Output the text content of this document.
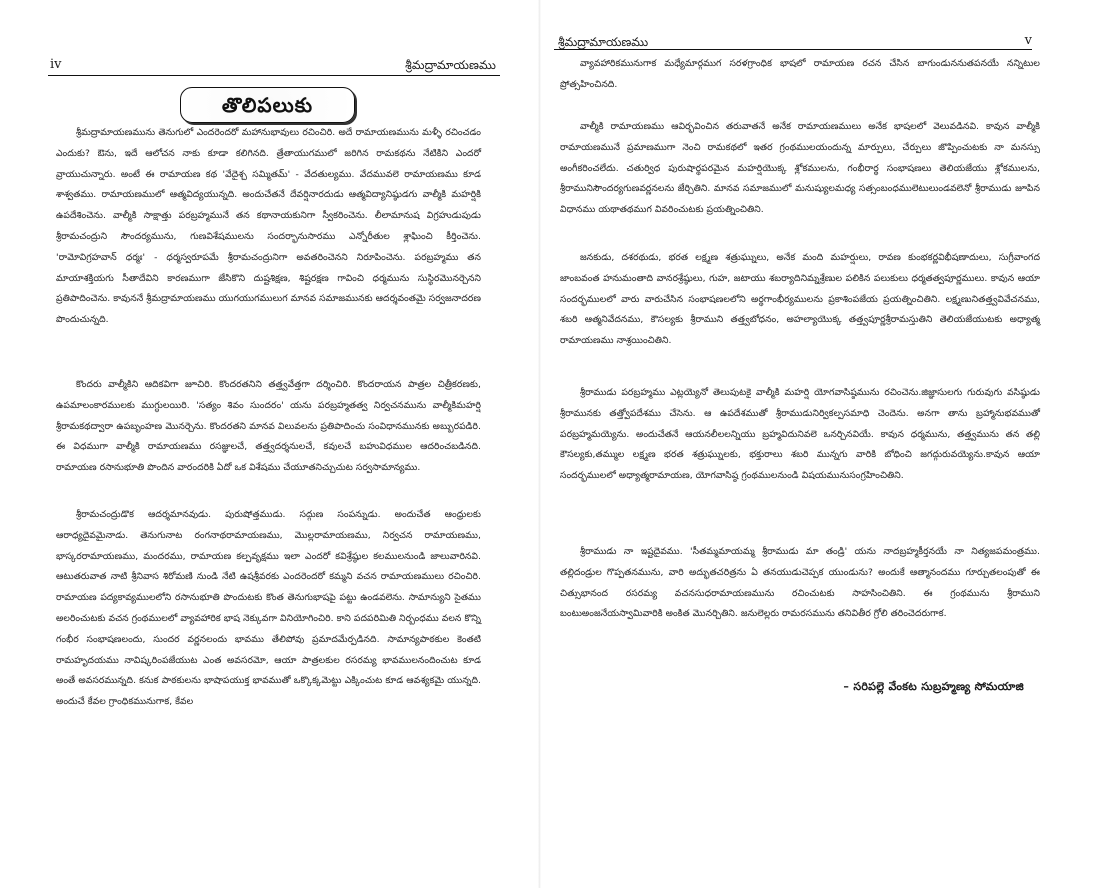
iv	శ్రీమద్రామాయణము
తొలిపలుకు

శ్రీమద్రామాయణమును తెనుగులో ఎందరెందరో మహానుభావులు రచించిరి. అదే రామాయణమును మళ్ళీ రచించడం ఎందుకు? ఔను, ఇదే ఆలోచన నాకు కూడా కలిగినది. త్రేతాయుగములో జరిగిన రామకథను నేటికిని ఎందరో వ్రాయుచున్నారు. అంటే ఈ రామాయణ కథ 'వేదైశ్చ సమ్మితమ్' - వేదతుల్యము. వేదమువలె రామాయణము కూడ శాశ్వతము. రామాయణములో ఆత్మవిద్యయున్నది. అందుచేతనే దేవర్షినారదుడు ఆత్మవిద్యానిష్ఠుడగు వాల్మీకి మహర్షికి ఉపదేశించెను. వాల్మీకి సాక్షాత్తు పరబ్రహ్మమునే తన కథానాయకునిగా స్వీకరించెను. లీలామానుష విగ్రహుడుపుడు శ్రీరామచంద్రుని సౌందర్యమును, గుణవిశేషములను సందర్భానుసారము ఎన్నోరీతుల శ్లాఘించి కీర్తించెను. 'రామోవిగ్రహవాన్ ధర్మః' - ధర్మస్వరూపమే శ్రీరామచంద్రునిగా అవతరించెనని నిరూపించెను. పరబ్రహ్మము తన మాయాశక్తియగు సీతాదేవిని కారణముగా జేసికొని దుష్టశిక్షణ, శిష్టరక్షణ గావించి ధర్మమును సుస్థిరమొనర్చెనని ప్రతిపాదించెను. కావుననే శ్రీమద్రామాయణము యుగయుగములుగ మానవ సమాజమునకు ఆదర్శవంతమై సర్వజనాదరణ పొందుచున్నది.

కొందరు వాల్మీకిని ఆదికవిగా జూచిరి. కొందరతనిని తత్త్వవేత్తగా దర్శించిరి. కొందరాయన పాత్రల చిత్రీకరణకు, ఉపమాలంకారములకు ముగ్ధులయిరి. 'సత్యం శివం సుందరం' యను పరబ్రహ్మతత్వ నిర్వచనమును వాల్మీకిమహర్షి శ్రీరామకథద్వారా ఉపబృంహణ మొనర్చెను. కొందరతని మానవ విలువలను ప్రతిపాదించు సంవిధానమునకు అబ్బురపడిరి. ఈ విధముగా వాల్మీకి రామాయణము రసజ్ఞులచే, తత్త్వదర్శనులచే, కవులచే బహువిధముల ఆదరించబడినది. రామాయణ రసానుభూతి పొందిన వారందరికి ఏదో ఒక విశేషము చేయూతనిచ్చుచుట సర్వసామాన్యము.

శ్రీరామచంద్రుడొక ఆదర్శమానవుడు. పురుషోత్తముడు. సద్గుణ సంపన్నుడు. అందుచేత ఆంధ్రులకు ఆరాధ్యదైవమైనాడు. తెనుగునాట రంగనాథరామాయణము, మొల్లరామాయణము, నిర్వచన రామాయణము, భాస్కరరామాయణము, మందరము, రామాయణ కల్పవృక్షము ఇలా ఎందరో కవిశ్రేష్ఠుల కలములనుండి జాలువారినవి. ఆటుతరువాత నాటి శ్రీనివాస శిరోమణి నుండి నేటి ఉషశ్రీవరకు ఎందరెందరో కమ్మని వచన రామాయణములు రచించిరి. రామాయణ పద్యకావ్యములలోని రసానుభూతి పొందుటకు కొంత తెనుగుభాషపై పట్టు ఉండవలెను. సామాన్యుని సైతము అలరించుటకు వచన గ్రంథములలో వ్యావహారిక భాష నెక్కువగా వినియోగించిరి. కాని పదపరిమితి నిర్బంధము వలన కొన్ని గంభీర సంభాషణలందు, సుందర వర్ణనలందు భావము తేలిపోవు ప్రమాదమేర్పడినది. సామాన్యపాఠకుల కెంతటి రామహృదయము నావిష్కరింపజేయుట ఎంత అవసరమో, ఆయా పాత్రలకుల రసరమ్య భావములనందించుట కూడ అంతే అవసరమున్నది. కనుక పాఠకులను భాషాపయుక్త భావముతో ఒక్కొక్కమెట్టు ఎక్కించుట కూడ ఆవశ్యకమై యున్నది. అందుచే కేవల గ్రాంధికమునుగాక, కేవల

శ్రీమద్రామాయణము	v

వ్యావహారికమునుగాక మధ్యేమార్గముగ సరళగ్రాంధిక భాషలో రామాయణ రచన చేసిన బాగుండుననుతపనయే నన్నిటుల ప్రోత్సహించినది.

వాల్మీకి రామాయణము ఆవిర్భవించిన తరువాతనే అనేక రామాయణములు అనేక భాషలలో వెలువడినవి. కావున వాల్మీకి రామాయణమునే ప్రమాణముగా నెంచి రామకథలో ఇతర గ్రంథములయందున్న మార్పులు, చేర్పులు జొప్పించుటకు నా మనస్సు అంగీకరించలేదు. చతుర్విధ పురుషార్థపరమైన మహర్షియొక్క శ్లోకములను, గంభీరార్థ సంభాషణలు తెలియజేయు శ్లోకములను, శ్రీరామునిసౌందర్యగుణవర్ణనలను జేర్చితిని. మానవ సమాజములో మనుష్యులమధ్య సత్సంబంధములెటులుండవలెనో శ్రీరాముడు జూపిన విధానము యథాతథముగ వివరించుటకు ప్రయత్నించితిని.

జనకుడు, దశరథుడు, భరత లక్ష్మణ శత్రుఘ్నులు, అనేక మంది మహర్షులు, రావణ కుంభకర్ణవిభీషణాదులు, సుగ్రీవాంగద జాంబవంత హనుమంతాది వానరశ్రేష్ఠులు, గుహ, జటాయు శబర్యాదినిమ్నశ్రేణుల పలికిన పలుకులు ధర్మతత్వపూర్ణములు. కావున ఆయా సందర్భములలో వారు వారుచేసిన సంభాషణలలోని అర్థగాంభీర్యములను ప్రకాశింపజేయ ప్రయత్నించితిని. లక్ష్మణునితత్త్వవివేచనము, శబరి ఆత్మనివేదనము, కౌసల్యకు శ్రీరాముని తత్త్వబోధనం, అహల్యాయొక్క తత్త్వపూర్ణశ్రీరామస్తుతిని తెలియజేయుటకు అధ్యాత్మ రామాయణము నాశ్రయించితిని.

శ్రీరాముడు పరబ్రహ్మము ఎట్లయ్యెనో తెలుపుటకై వాల్మీకి మహర్షి యోగవాసిష్ఠమును రచించెను.జిజ్ఞాసులగు గురువుగు వసిష్ఠుడు శ్రీరామునకు తత్త్వోపదేశము చేసెను. ఆ ఉపదేశముతో శ్రీరాముడునిర్వికల్పసమాధి చెందెను. అనగా తాను బ్రహ్మానుభవముతో పరబ్రహ్మమయ్యెను. అందుచేతనే ఆయనలీలలన్నియు బ్రహ్మవిదునివలె ఒనర్చినవియే. కావున ధర్మమును, తత్త్వమును తన తల్లి కౌసల్యకు,తమ్ముల లక్ష్మణ భరత శత్రుఘ్నులకు, భక్తురాలు శబరి మున్నగు వారికి బోధించి జగద్గురువయ్యెను.కావున ఆయా సందర్భములలో అధ్యాత్మరామాయణ, యోగవాసిష్ఠ గ్రంథములనుండి విషయమునుసంగ్రహించితిని.

శ్రీరాముడు నా ఇష్టదైవము. 'సీతమ్మమాయమ్మ శ్రీరాముడు మా తండ్రి' యను నాదబ్రహ్మకీర్తనయే నా నిత్యజపమంత్రము. తల్లిదండ్రుల గొప్పతనమును, వారి అద్భుతచరిత్రను ఏ తనయుడుచెప్పక యుండును? అందుకే ఆత్మానందము గూర్చుతలంపుతో ఈ చిత్సుభానంద రసరమ్య వచనసుధరామాయణమును రచించుటకు సాహసించితిని. ఈ గ్రంథమును శ్రీరాముని బంటుఅంజనేయస్వామివారికి అంకిత మొనర్చితిని. జనులెల్లరు రామరసమును తనివితీర గ్రోలి తరించెదరుగాక.

– సరిపల్లె వేంకట సుబ్రహ్మణ్య సోమయాజి
